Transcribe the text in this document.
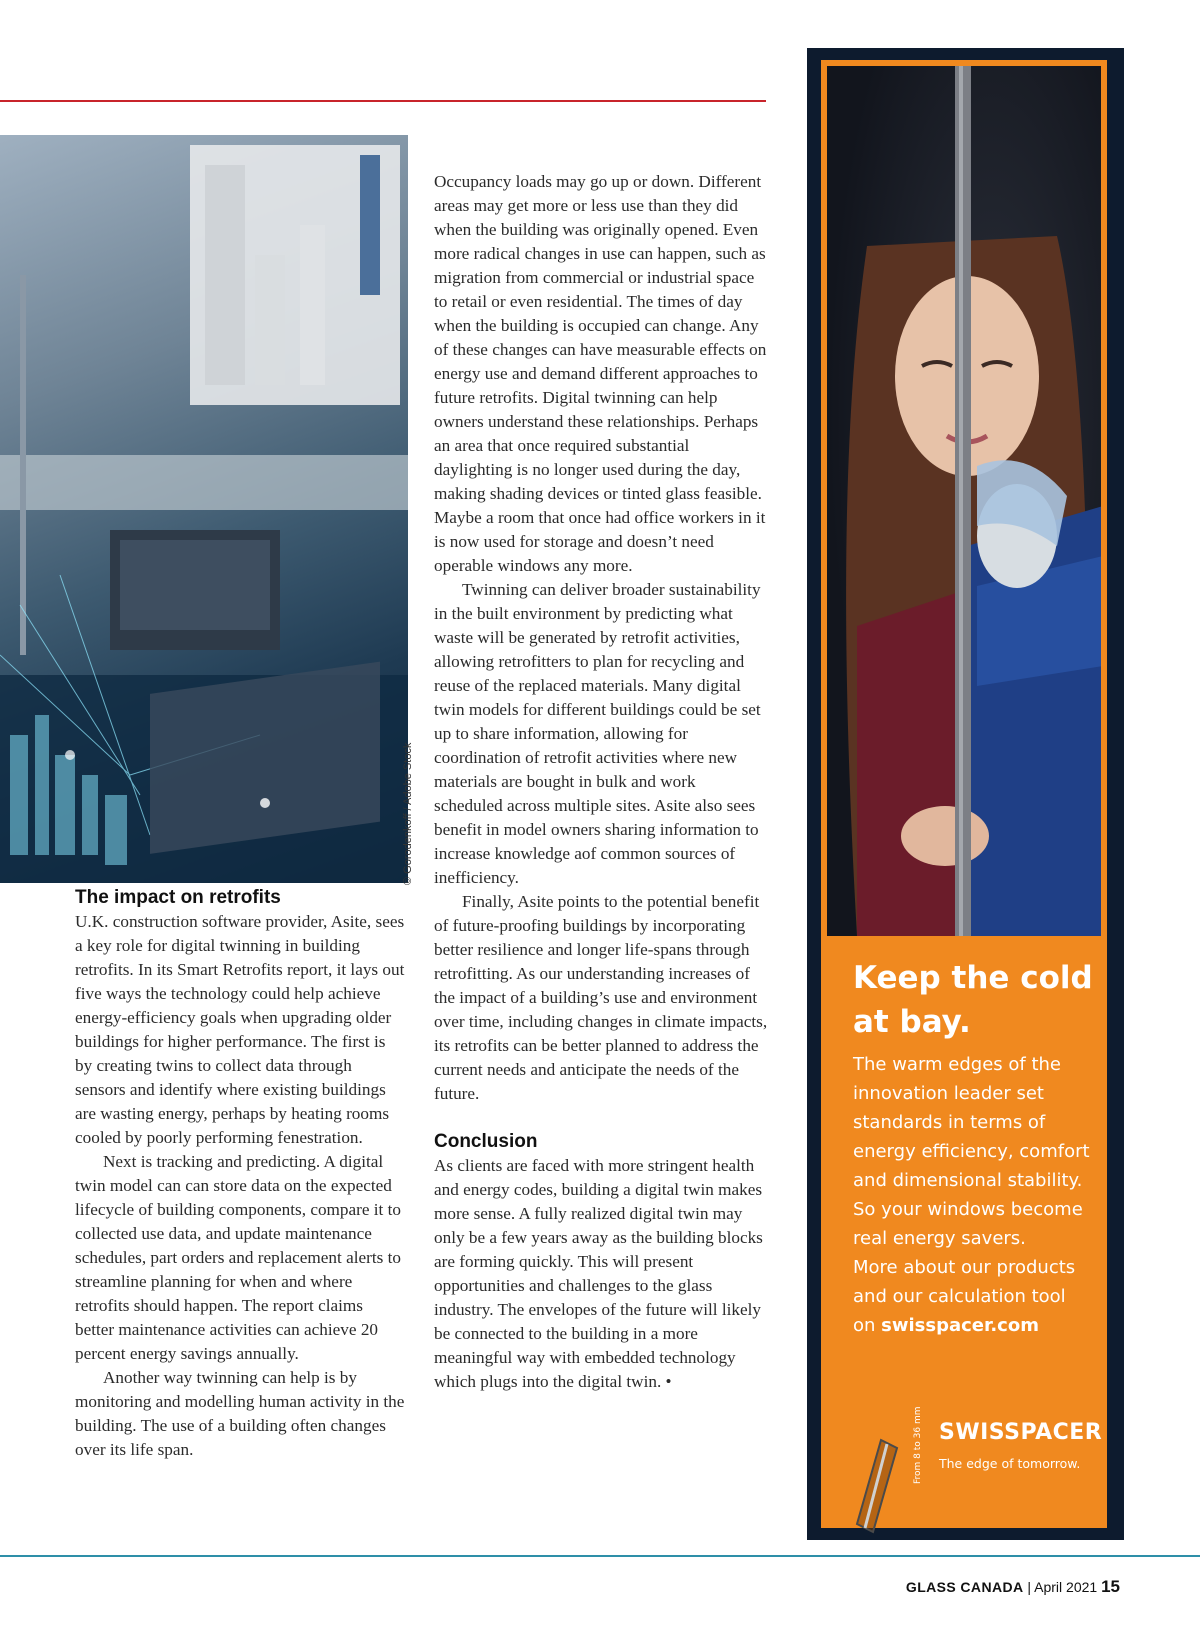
© Gorodenkoff / Adobe Stock
The impact on retrofits

U.K. construction software provider, Asite, sees a key role for digital twinning in building retrofits. In its Smart Retrofits report, it lays out five ways the technology could help achieve energy-efficiency goals when upgrading older buildings for higher performance. The first is by creating twins to collect data through sensors and identify where existing buildings are wasting energy, perhaps by heating rooms cooled by poorly performing fenestration.

Next is tracking and predicting. A digital twin model can can store data on the expected lifecycle of building components, compare it to collected use data, and update maintenance schedules, part orders and replacement alerts to streamline planning for when and where retrofits should happen. The report claims better maintenance activities can achieve 20 percent energy savings annually.

Another way twinning can help is by monitoring and modelling human activity in the building. The use of a building often changes over its life span.

Occupancy loads may go up or down. Different areas may get more or less use than they did when the building was originally opened. Even more radical changes in use can happen, such as migration from commercial or industrial space to retail or even residential. The times of day when the building is occupied can change. Any of these changes can have measurable effects on energy use and demand different approaches to future retrofits. Digital twinning can help owners understand these relationships. Perhaps an area that once required substantial daylighting is no longer used during the day, making shading devices or tinted glass feasible. Maybe a room that once had office workers in it is now used for storage and doesn’t need operable windows any more.

Twinning can deliver broader sustainability in the built environment by predicting what waste will be generated by retrofit activities, allowing retrofitters to plan for recycling and reuse of the replaced materials. Many digital twin models for different buildings could be set up to share information, allowing for coordination of retrofit activities where new materials are bought in bulk and work scheduled across multiple sites. Asite also sees benefit in model owners sharing information to increase knowledge aof common sources of inefficiency.

Finally, Asite points to the potential benefit of future-proofing buildings by incorporating better resilience and longer life-spans through retrofitting. As our understanding increases of the impact of a building’s use and environment over time, including changes in climate impacts, its retrofits can be better planned to address the current needs and anticipate the needs of the future.

Conclusion

As clients are faced with more stringent health and energy codes, building a digital twin makes more sense. A fully realized digital twin may only be a few years away as the building blocks are forming quickly. This will present opportunities and challenges to the glass industry. The envelopes of the future will likely be connected to the building in a more meaningful way with embedded technology which plugs into the digital twin. •

Keep the cold at bay.
The warm edges of the innovation leader set standards in terms of energy efficiency, comfort and dimensional stability. So your windows become real energy savers.
More about our products and our calculation tool on swisspacer.com
From 8 to 36 mm SWISSPACER
The edge of tomorrow.
GLASS CANADA | April 2021 15
